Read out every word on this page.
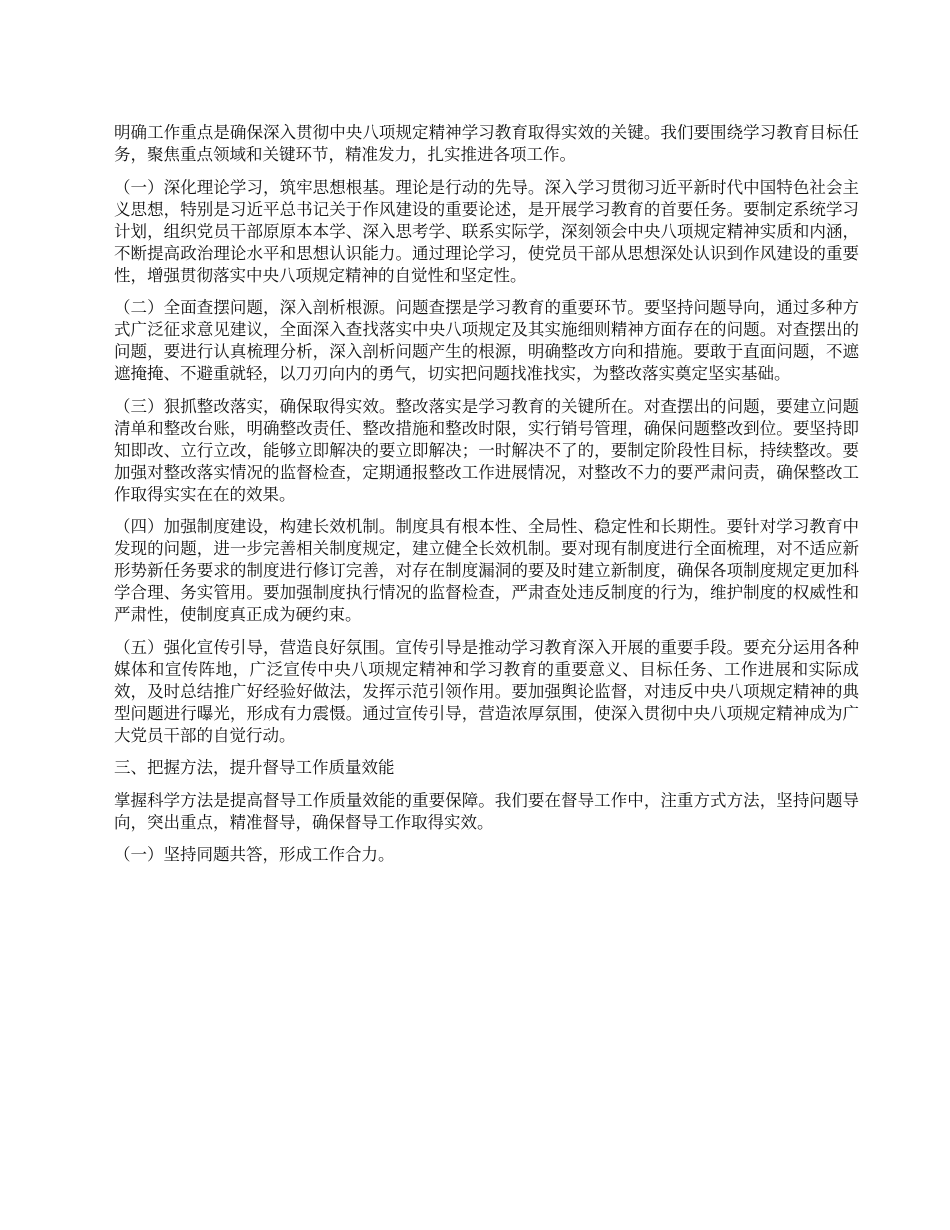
明确工作重点是确保深入贯彻中央八项规定精神学习教育取得实效的关键。我们要围绕学习教育目标任务，聚焦重点领域和关键环节，精准发力，扎实推进各项工作。

（一）深化理论学习，筑牢思想根基。理论是行动的先导。深入学习贯彻习近平新时代中国特色社会主义思想，特别是习近平总书记关于作风建设的重要论述，是开展学习教育的首要任务。要制定系统学习计划，组织党员干部原原本本学、深入思考学、联系实际学，深刻领会中央八项规定精神实质和内涵，不断提高政治理论水平和思想认识能力。通过理论学习，使党员干部从思想深处认识到作风建设的重要性，增强贯彻落实中央八项规定精神的自觉性和坚定性。

（二）全面查摆问题，深入剖析根源。问题查摆是学习教育的重要环节。要坚持问题导向，通过多种方式广泛征求意见建议，全面深入查找落实中央八项规定及其实施细则精神方面存在的问题。对查摆出的问题，要进行认真梳理分析，深入剖析问题产生的根源，明确整改方向和措施。要敢于直面问题，不遮遮掩掩、不避重就轻，以刀刃向内的勇气，切实把问题找准找实，为整改落实奠定坚实基础。

（三）狠抓整改落实，确保取得实效。整改落实是学习教育的关键所在。对查摆出的问题，要建立问题清单和整改台账，明确整改责任、整改措施和整改时限，实行销号管理，确保问题整改到位。要坚持即知即改、立行立改，能够立即解决的要立即解决；一时解决不了的，要制定阶段性目标，持续整改。要加强对整改落实情况的监督检查，定期通报整改工作进展情况，对整改不力的要严肃问责，确保整改工作取得实实在在的效果。

（四）加强制度建设，构建长效机制。制度具有根本性、全局性、稳定性和长期性。要针对学习教育中发现的问题，进一步完善相关制度规定，建立健全长效机制。要对现有制度进行全面梳理，对不适应新形势新任务要求的制度进行修订完善，对存在制度漏洞的要及时建立新制度，确保各项制度规定更加科学合理、务实管用。要加强制度执行情况的监督检查，严肃查处违反制度的行为，维护制度的权威性和严肃性，使制度真正成为硬约束。

（五）强化宣传引导，营造良好氛围。宣传引导是推动学习教育深入开展的重要手段。要充分运用各种媒体和宣传阵地，广泛宣传中央八项规定精神和学习教育的重要意义、目标任务、工作进展和实际成效，及时总结推广好经验好做法，发挥示范引领作用。要加强舆论监督，对违反中央八项规定精神的典型问题进行曝光，形成有力震慑。通过宣传引导，营造浓厚氛围，使深入贯彻中央八项规定精神成为广大党员干部的自觉行动。

三、把握方法，提升督导工作质量效能

掌握科学方法是提高督导工作质量效能的重要保障。我们要在督导工作中，注重方式方法，坚持问题导向，突出重点，精准督导，确保督导工作取得实效。

（一）坚持同题共答，形成工作合力。
